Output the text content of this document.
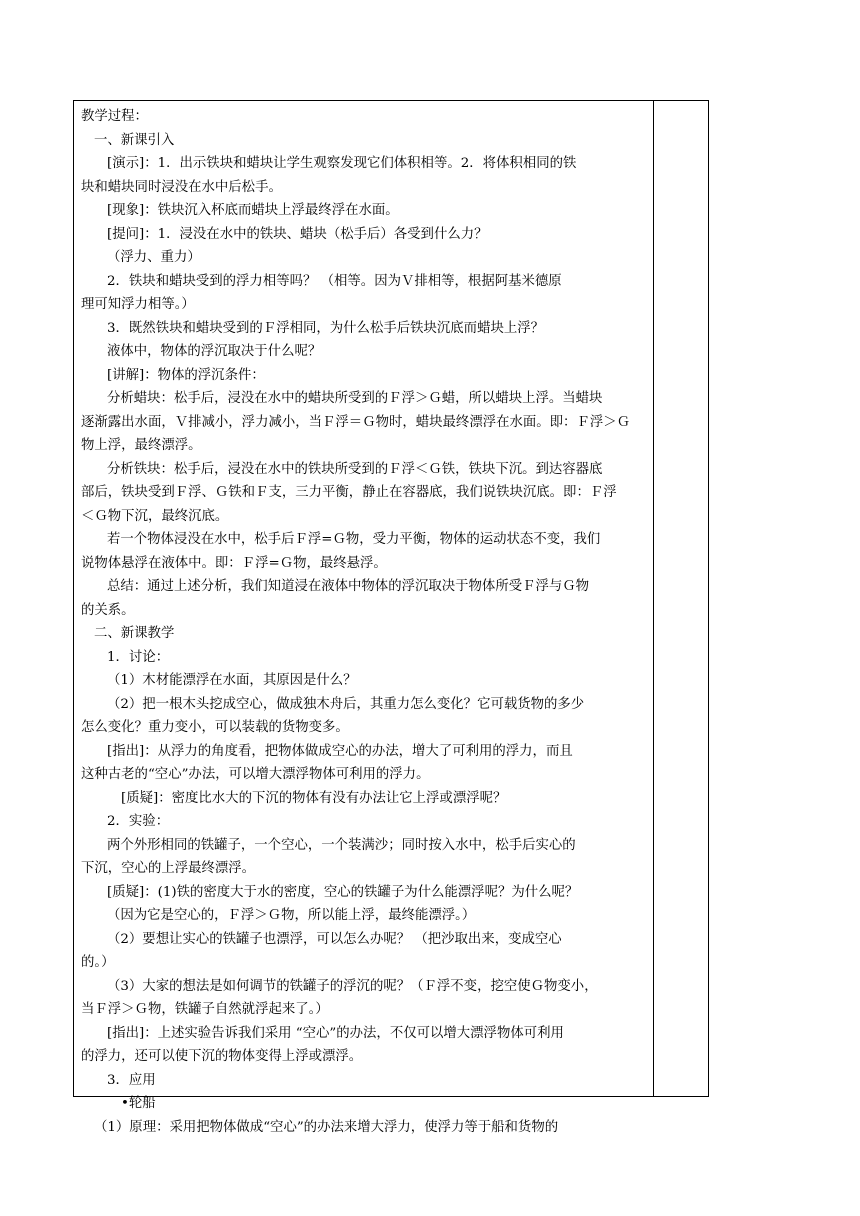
教学过程：
一、新课引入
[演示]：1．出示铁块和蜡块让学生观察发现它们体积相等。2．将体积相同的铁
块和蜡块同时浸没在水中后松手。
[现象]：铁块沉入杯底而蜡块上浮最终浮在水面。
[提问]：1．浸没在水中的铁块、蜡块（松手后）各受到什么力？
（浮力、重力）
2．铁块和蜡块受到的浮力相等吗？ （相等。因为Ｖ排相等，根据阿基米德原
理可知浮力相等。）
3．既然铁块和蜡块受到的Ｆ浮相同，为什么松手后铁块沉底而蜡块上浮？
液体中，物体的浮沉取决于什么呢？
[讲解]：物体的浮沉条件：
分析蜡块：松手后，浸没在水中的蜡块所受到的Ｆ浮＞Ｇ蜡，所以蜡块上浮。当蜡块
逐渐露出水面，Ｖ排减小，浮力减小，当Ｆ浮＝Ｇ物时，蜡块最终漂浮在水面。即：Ｆ浮＞Ｇ
物上浮，最终漂浮。
分析铁块：松手后，浸没在水中的铁块所受到的Ｆ浮＜Ｇ铁，铁块下沉。到达容器底
部后，铁块受到Ｆ浮、Ｇ铁和Ｆ支，三力平衡，静止在容器底，我们说铁块沉底。即：Ｆ浮
＜Ｇ物下沉，最终沉底。
若一个物体浸没在水中，松手后Ｆ浮=Ｇ物，受力平衡，物体的运动状态不变，我们
说物体悬浮在液体中。即：Ｆ浮=Ｇ物，最终悬浮。
总结：通过上述分析，我们知道浸在液体中物体的浮沉取决于物体所受Ｆ浮与Ｇ物
的关系。
二、新课教学
1．讨论：
（1）木材能漂浮在水面，其原因是什么？
（2）把一根木头挖成空心，做成独木舟后，其重力怎么变化？它可载货物的多少
怎么变化？重力变小，可以装载的货物变多。
[指出]：从浮力的角度看，把物体做成空心的办法，增大了可利用的浮力，而且
这种古老的“空心”办法，可以增大漂浮物体可利用的浮力。
[质疑]：密度比水大的下沉的物体有没有办法让它上浮或漂浮呢？
2．实验：
两个外形相同的铁罐子，一个空心，一个装满沙；同时按入水中，松手后实心的
下沉，空心的上浮最终漂浮。
[质疑]：(1)铁的密度大于水的密度，空心的铁罐子为什么能漂浮呢？为什么呢？
（因为它是空心的，Ｆ浮＞Ｇ物，所以能上浮，最终能漂浮。）
（2）要想让实心的铁罐子也漂浮，可以怎么办呢？ （把沙取出来，变成空心
的。）
（3）大家的想法是如何调节的铁罐子的浮沉的呢？（Ｆ浮不变，挖空使Ｇ物变小，
当Ｆ浮＞Ｇ物，铁罐子自然就浮起来了。）
[指出]：上述实验告诉我们采用 “空心”的办法，不仅可以增大漂浮物体可利用
的浮力，还可以使下沉的物体变得上浮或漂浮。
3．应用
•轮船
（1）原理：采用把物体做成“空心”的办法来增大浮力，使浮力等于船和货物的
